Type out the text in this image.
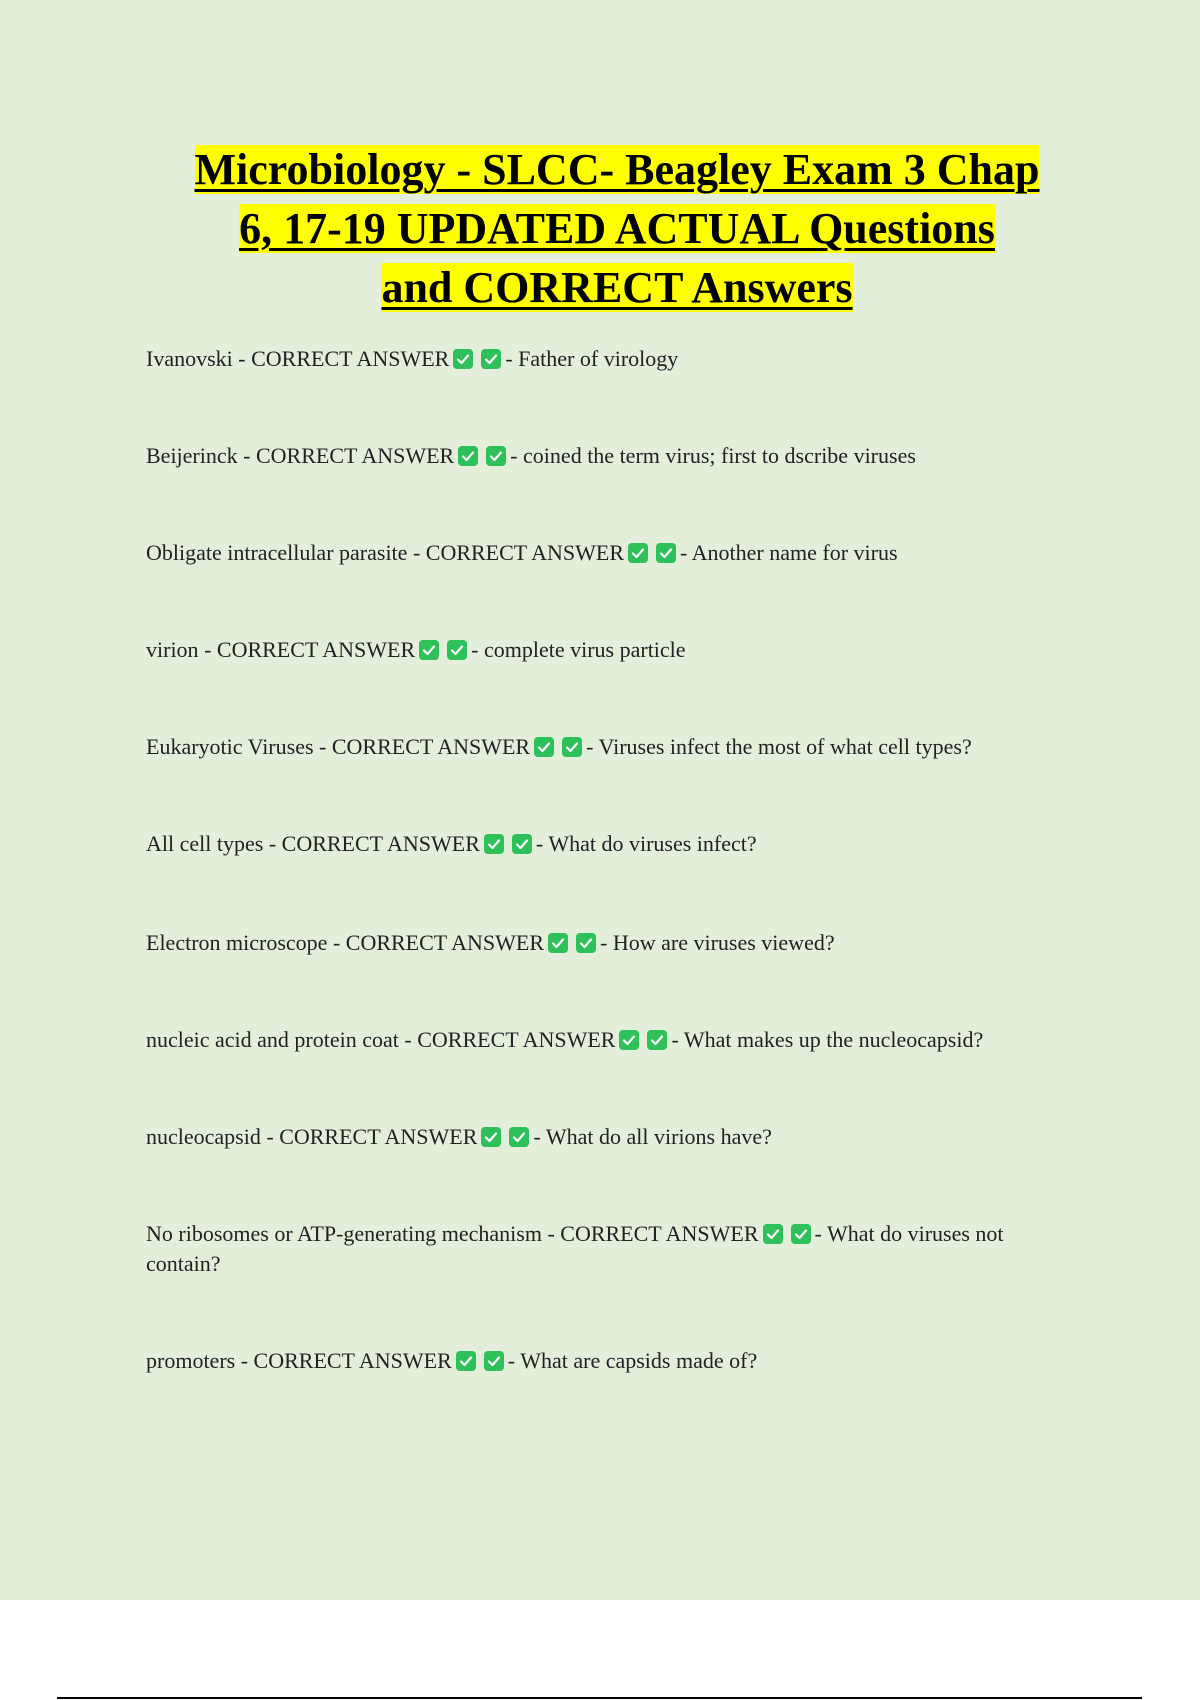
Microbiology - SLCC- Beagley Exam 3 Chap
6, 17-19 UPDATED ACTUAL Questions
and CORRECT Answers
Ivanovski - CORRECT ANSWER	- Father of virology
Beijerinck - CORRECT ANSWER	- coined the term virus; first to dscribe viruses
Obligate intracellular parasite - CORRECT ANSWER	- Another name for virus
virion - CORRECT ANSWER	- complete virus particle
Eukaryotic Viruses - CORRECT ANSWER	- Viruses infect the most of what cell types?
All cell types - CORRECT ANSWER	- What do viruses infect?
Electron microscope - CORRECT ANSWER	- How are viruses viewed?
nucleic acid and protein coat - CORRECT ANSWER	- What makes up the nucleocapsid?
nucleocapsid - CORRECT ANSWER	- What do all virions have?
No ribosomes or ATP-generating mechanism - CORRECT ANSWER	- What do viruses not contain?
promoters - CORRECT ANSWER	- What are capsids made of?
